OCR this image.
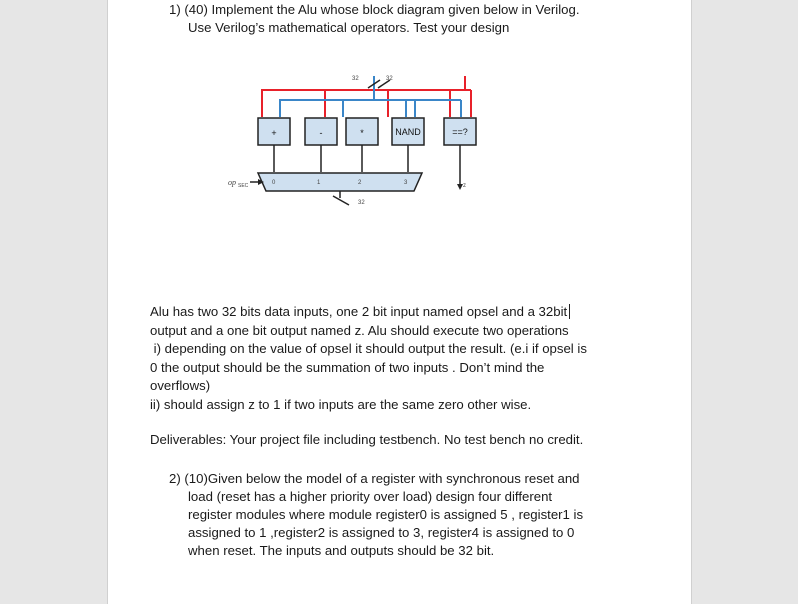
1) (40) Implement the Alu whose block diagram given below in Verilog.
Use Verilog’s mathematical operators. Test your design
32	32
+	-	*	NAND	==?
z
0	1	2	3
op SEC
32
Alu has two 32 bits data inputs, one 2 bit input named opsel and a 32bit
output and a one bit output named z. Alu should execute two operations
i) depending on the value of opsel it should output the result. (e.i if opsel is
0 the output should be the summation of two inputs . Don’t mind the
overflows)
ii) should assign z to 1 if two inputs are the same zero other wise.
Deliverables: Your project file including testbench. No test bench no credit.
2) (10)Given below the model of a register with synchronous reset and
load (reset has a higher priority over load) design four different
register modules where module register0 is assigned 5 , register1 is
assigned to 1 ,register2 is assigned to 3, register4 is assigned to 0
when reset. The inputs and outputs should be 32 bit.
